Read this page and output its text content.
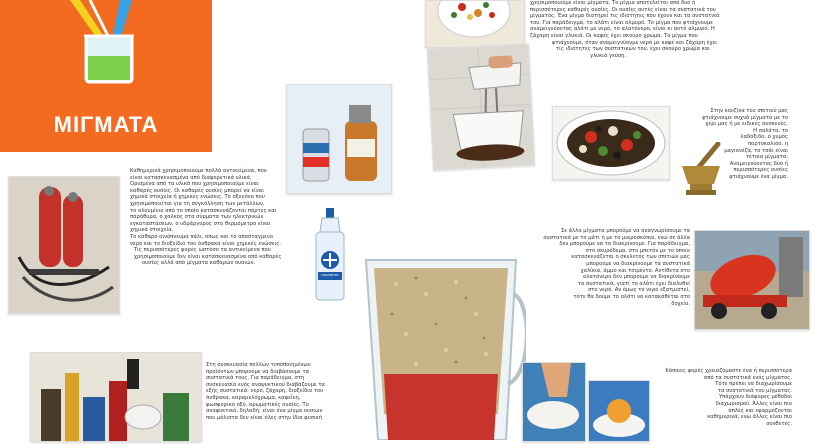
ΜΙΓΜΑΤΑ
χρησιμοποιούμε είναι μίγματα. Το μίγμα αποτελείται από δυο ή
περισσότερες καθαρές ουσίες. Οι ουσίες αυτές είναι τα συστατικά του
μίγματος. Ένα μίγμα διατηρεί τις ιδιότητες που έχουν και τα συστατικά
του. Για παράδειγμα, το αλάτι είναι αλμυρό. Το μίγμα που φτιάχνουμε
αναμειγνύοντας αλάτι με νερό, το αλατόνερο, είναι κι αυτό αλμυρό. Η
ζάχαρη είναι γλυκιά. Οι καφές έχει σκούρο χρώμα. Το μίγμα που
φτιάχνουμε, όταν αναμειγνύουμε νερό με καφέ και ζάχαρη έχει
τις ιδιότητες των συστατικών του, έχει σκούρο χρώμα και
γλυκιά γεύση.
Στην κουζίνα του σπιτιού μας
φτιάχνουμε συχνά μίγματα με το
χέρι μας ή με ειδικές συσκευές.
Η σαλάτα, το
λαδόξιδο, ο χυμός
πορτοκαλιού, η
μαγιονέζα, το τσάι είναι
τέτοια μίγματα.
Αναμειγνύοντας δύο ή
περισσότερες ουσίες
φτιάχνουμε ένα μίγμα.
Καθημερινά χρησιμοποιούμε πολλά αντικείμενα, που
είναι κατασκευασμένα από διαφορετικά υλικά.
Ορισμένα από τα υλικά που χρησιμοποιούμε είναι
καθαρές ουσίες. Οι καθαρές ουσίες μπορεί να είναι
χημικά στοιχεία ή χημικές ενώσεις. Το οξυγόνο που
χρησιμοποιείται για τη συγκόλληση των μετάλλων,
το αλουμίνιο από το οποίο κατασκευάζονται πόρτες και
παράθυρα, ο χαλκός στα σύρματα των ηλεκτρικών
εγκαταστάσεων, ο υδράργυρος στο θερμόμετρο είναι
χημικά στοιχεία.
Το καθαρό οινόπνευμα πάλι, όπως και το αποσταγμένο
νερό και το διοξείδιο του άνθρακα είναι χημικές ενώσεις.
Τις περισσότερες φορές ωστόσο τα αντικείμενα που
χρησιμοποιούμε δεν είναι κατασκευασμένα από καθαρές
ουσίες αλλά από μίγματα καθαρών ουσιών.
ΟΙΝΟΠΝΕΥΜΑ
Σε άλλα μίγματα μπορούμε να αναγνωρίσουμε τα
συστατικά με το μάτι ή με το μικροσκόπιο, ενώ σε άλλα
δεν μπορούμε να τα διακρίνουμε. Για παράδειγμα,
στο σκυρόδεμα, στο μπετόν με το οποίο
κατασκευάζεται ο σκελετός των σπιτιών μας
μπορούμε να διακρίνουμε τα συστατικά
χαλίκια, άμμο και τσιμέντο. Αντίθετα στο
αλατόνερο δεν μπορούμε να διακρίνουμε
τα συστατικά, γιατί το αλάτι έχει διαλυθεί
στο νερό. Αν όμως το νερό εξατμιστεί,
τότε θα δούμε το αλάτι να κατακάθεται στο
δοχείο.
Στη συσκευασία πολλών τυποποιημένων
προϊόντων μπορούμε να διαβάσουμε τα
συστατικά τους. Για παράδειγμα, στη
συσκευασία ενός αναψυκτικού διαβάζουμε τα
εξής συστατικά: νερό, ζάχαρη, διοξείδιο του
άνθρακα, καραμελόχρωμα, καφεΐνη,
φωσφορικό οξύ, αρωματικές ουσίες. Το
αναψυκτικό, δηλαδή, είναι ένα μίγμα ουσιών
που μόλιστα δεν είναι όλες στην ίδια φυσική
Κάποιες φορές χρειαζόμαστε ένα ή περισσότερα
από τα συστατικά ενός μίγματος.
Τότε πρέπει να διαχωρίσουμε
τα συστατικά του μίγματος.
Υπάρχουν διάφορες μέθοδοι
διαχωρισμού. Άλλες είναι πιο
απλές και εφαρμόζονται
καθημερινά, ενώ άλλες είναι πιο
σύνθετες.
